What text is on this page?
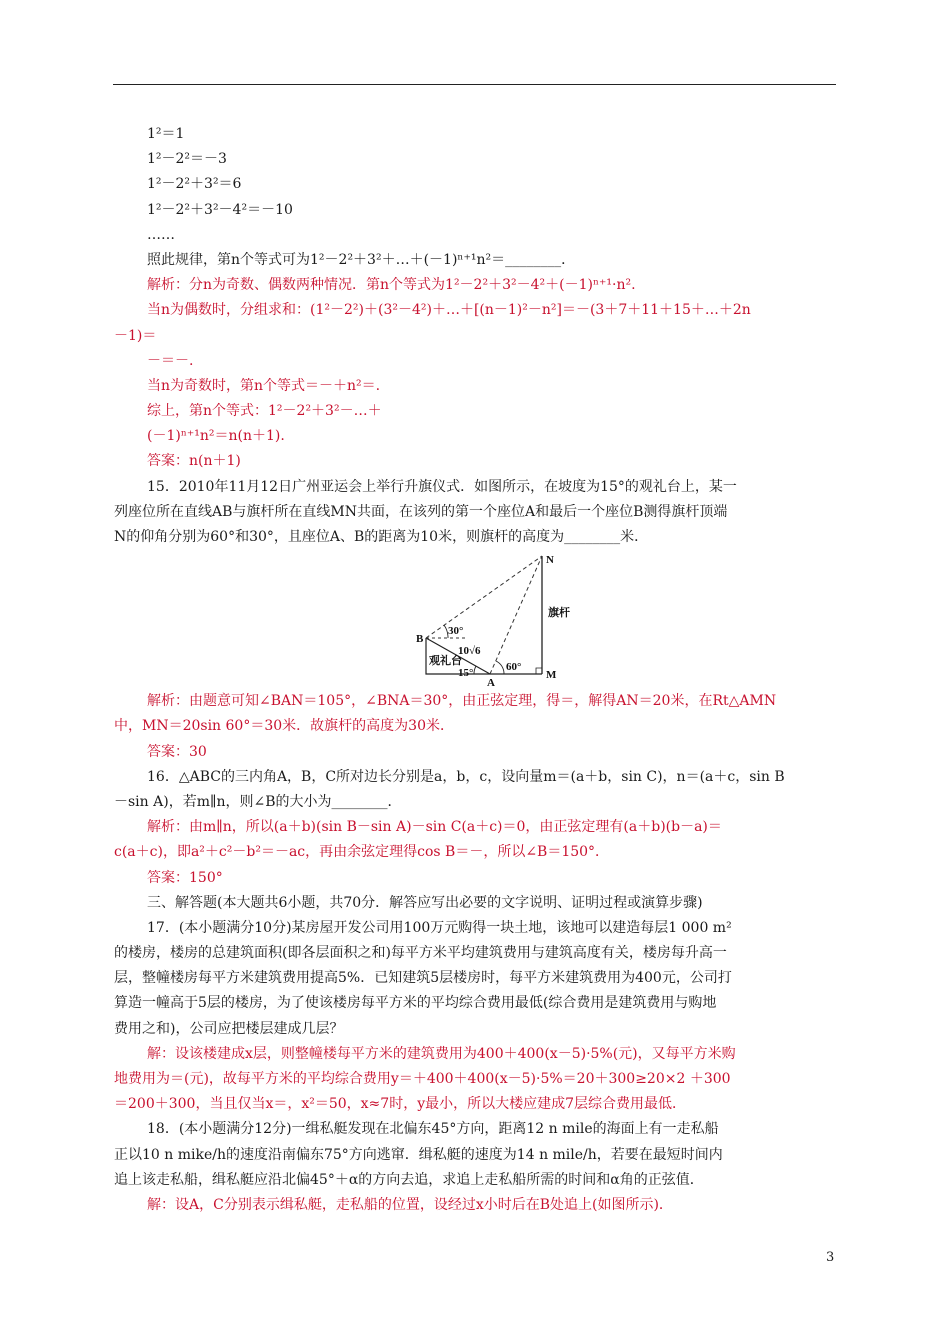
1²＝1
1²－2²＝－3
1²－2²＋3²＝6
1²－2²＋3²－4²＝－10
……
照此规律，第n个等式可为1²－2²＋3²＋…＋(－1)ⁿ⁺¹n²＝________．
解析：分n为奇数、偶数两种情况．第n个等式为1²－2²＋3²－4²＋(－1)ⁿ⁺¹·n².
当n为偶数时，分组求和：(1²－2²)＋(3²－4²)＋…＋[(n－1)²－n²]＝－(3＋7＋11＋15＋…＋2n
－1)＝
－＝－.
当n为奇数时，第n个等式＝－＋n²＝.
综上，第n个等式：1²－2²＋3²－…＋
(－1)ⁿ⁺¹n²＝n(n＋1).
答案：n(n＋1)
15．2010年11月12日广州亚运会上举行升旗仪式．如图所示，在坡度为15°的观礼台上，某一
列座位所在直线AB与旗杆所在直线MN共面，在该列的第一个座位A和最后一个座位B测得旗杆顶端
N的仰角分别为60°和30°，且座位A、B的距离为10米，则旗杆的高度为________米．
N
M
A
B
旗杆
观礼台
30°
60°
15°
10√6
解析：由题意可知∠BAN＝105°，∠BNA＝30°，由正弦定理，得＝，解得AN＝20米，在Rt△AMN
中，MN＝20sin 60°＝30米．故旗杆的高度为30米．
答案：30
16．△ABC的三内角A，B，C所对边长分别是a，b，c，设向量m＝(a＋b，sin C)，n＝(a＋c，sin B
－sin A)，若m∥n，则∠B的大小为________．
解析：由m∥n，所以(a＋b)(sin B－sin A)－sin C(a＋c)＝0，由正弦定理有(a＋b)(b－a)＝
c(a＋c)，即a²＋c²－b²＝－ac，再由余弦定理得cos B＝－，所以∠B＝150°．
答案：150°
三、解答题(本大题共6小题，共70分．解答应写出必要的文字说明、证明过程或演算步骤)
17．(本小题满分10分)某房屋开发公司用100万元购得一块土地，该地可以建造每层1 000 m²
的楼房，楼房的总建筑面积(即各层面积之和)每平方米平均建筑费用与建筑高度有关，楼房每升高一
层，整幢楼房每平方米建筑费用提高5%．已知建筑5层楼房时，每平方米建筑费用为400元，公司打
算造一幢高于5层的楼房，为了使该楼房每平方米的平均综合费用最低(综合费用是建筑费用与购地
费用之和)，公司应把楼层建成几层？
解：设该楼建成x层，则整幢楼每平方米的建筑费用为400＋400(x－5)·5%(元)，又每平方米购
地费用为＝(元)，故每平方米的平均综合费用y＝＋400＋400(x－5)·5%＝20＋300≥20×2 ＋300
＝200＋300，当且仅当x＝，x²＝50，x≈7时，y最小，所以大楼应建成7层综合费用最低．
18．(本小题满分12分)一缉私艇发现在北偏东45°方向，距离12 n mile的海面上有一走私船
正以10 n mike/h的速度沿南偏东75°方向逃窜．缉私艇的速度为14 n mile/h，若要在最短时间内
追上该走私船，缉私艇应沿北偏45°＋α的方向去追，求追上走私船所需的时间和α角的正弦值．
解：设A，C分别表示缉私艇，走私船的位置，设经过x小时后在B处追上(如图所示)．
3
